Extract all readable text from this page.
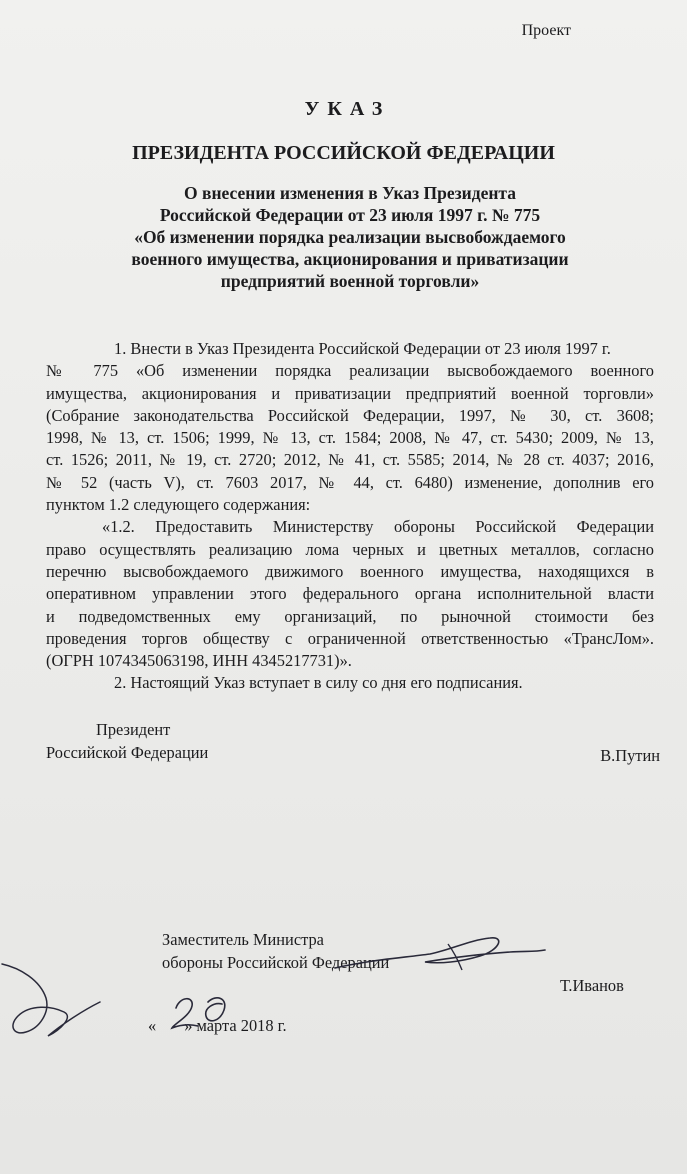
Проект
УКАЗ
ПРЕЗИДЕНТА РОССИЙСКОЙ ФЕДЕРАЦИИ
О внесении изменения в Указ Президента
Российской Федерации от 23 июля 1997 г. № 775
«Об изменении порядка реализации высвобождаемого
военного имущества, акционирования и приватизации
предприятий военной торговли»
1. Внести в Указ Президента Российской Федерации от 23 июля 1997 г.
№ 775 «Об изменении порядка реализации высвобождаемого военного
имущества, акционирования и приватизации предприятий военной торговли»
(Собрание законодательства Российской Федерации, 1997, № 30, ст. 3608;
1998, № 13, ст. 1506; 1999, № 13, ст. 1584; 2008, № 47, ст. 5430; 2009, № 13,
ст. 1526; 2011, № 19, ст. 2720; 2012, № 41, ст. 5585; 2014, № 28 ст. 4037; 2016,
№ 52 (часть V), ст. 7603 2017, № 44, ст. 6480) изменение, дополнив его
пунктом 1.2 следующего содержания:
«1.2. Предоставить Министерству обороны Российской Федерации
право осуществлять реализацию лома черных и цветных металлов, согласно
перечню высвобождаемого движимого военного имущества, находящихся в
оперативном управлении этого федерального органа исполнительной власти
и подведомственных ему организаций, по рыночной стоимости без
проведения торгов обществу с ограниченной ответственностью «ТрансЛом».
(ОГРН 1074345063198, ИНН 4345217731)».
2. Настоящий Указ вступает в силу со дня его подписания.
Президент
Российской Федерации	В.Путин
Заместитель Министра
обороны Российской Федерации
Т.Иванов
« » марта 2018 г.
